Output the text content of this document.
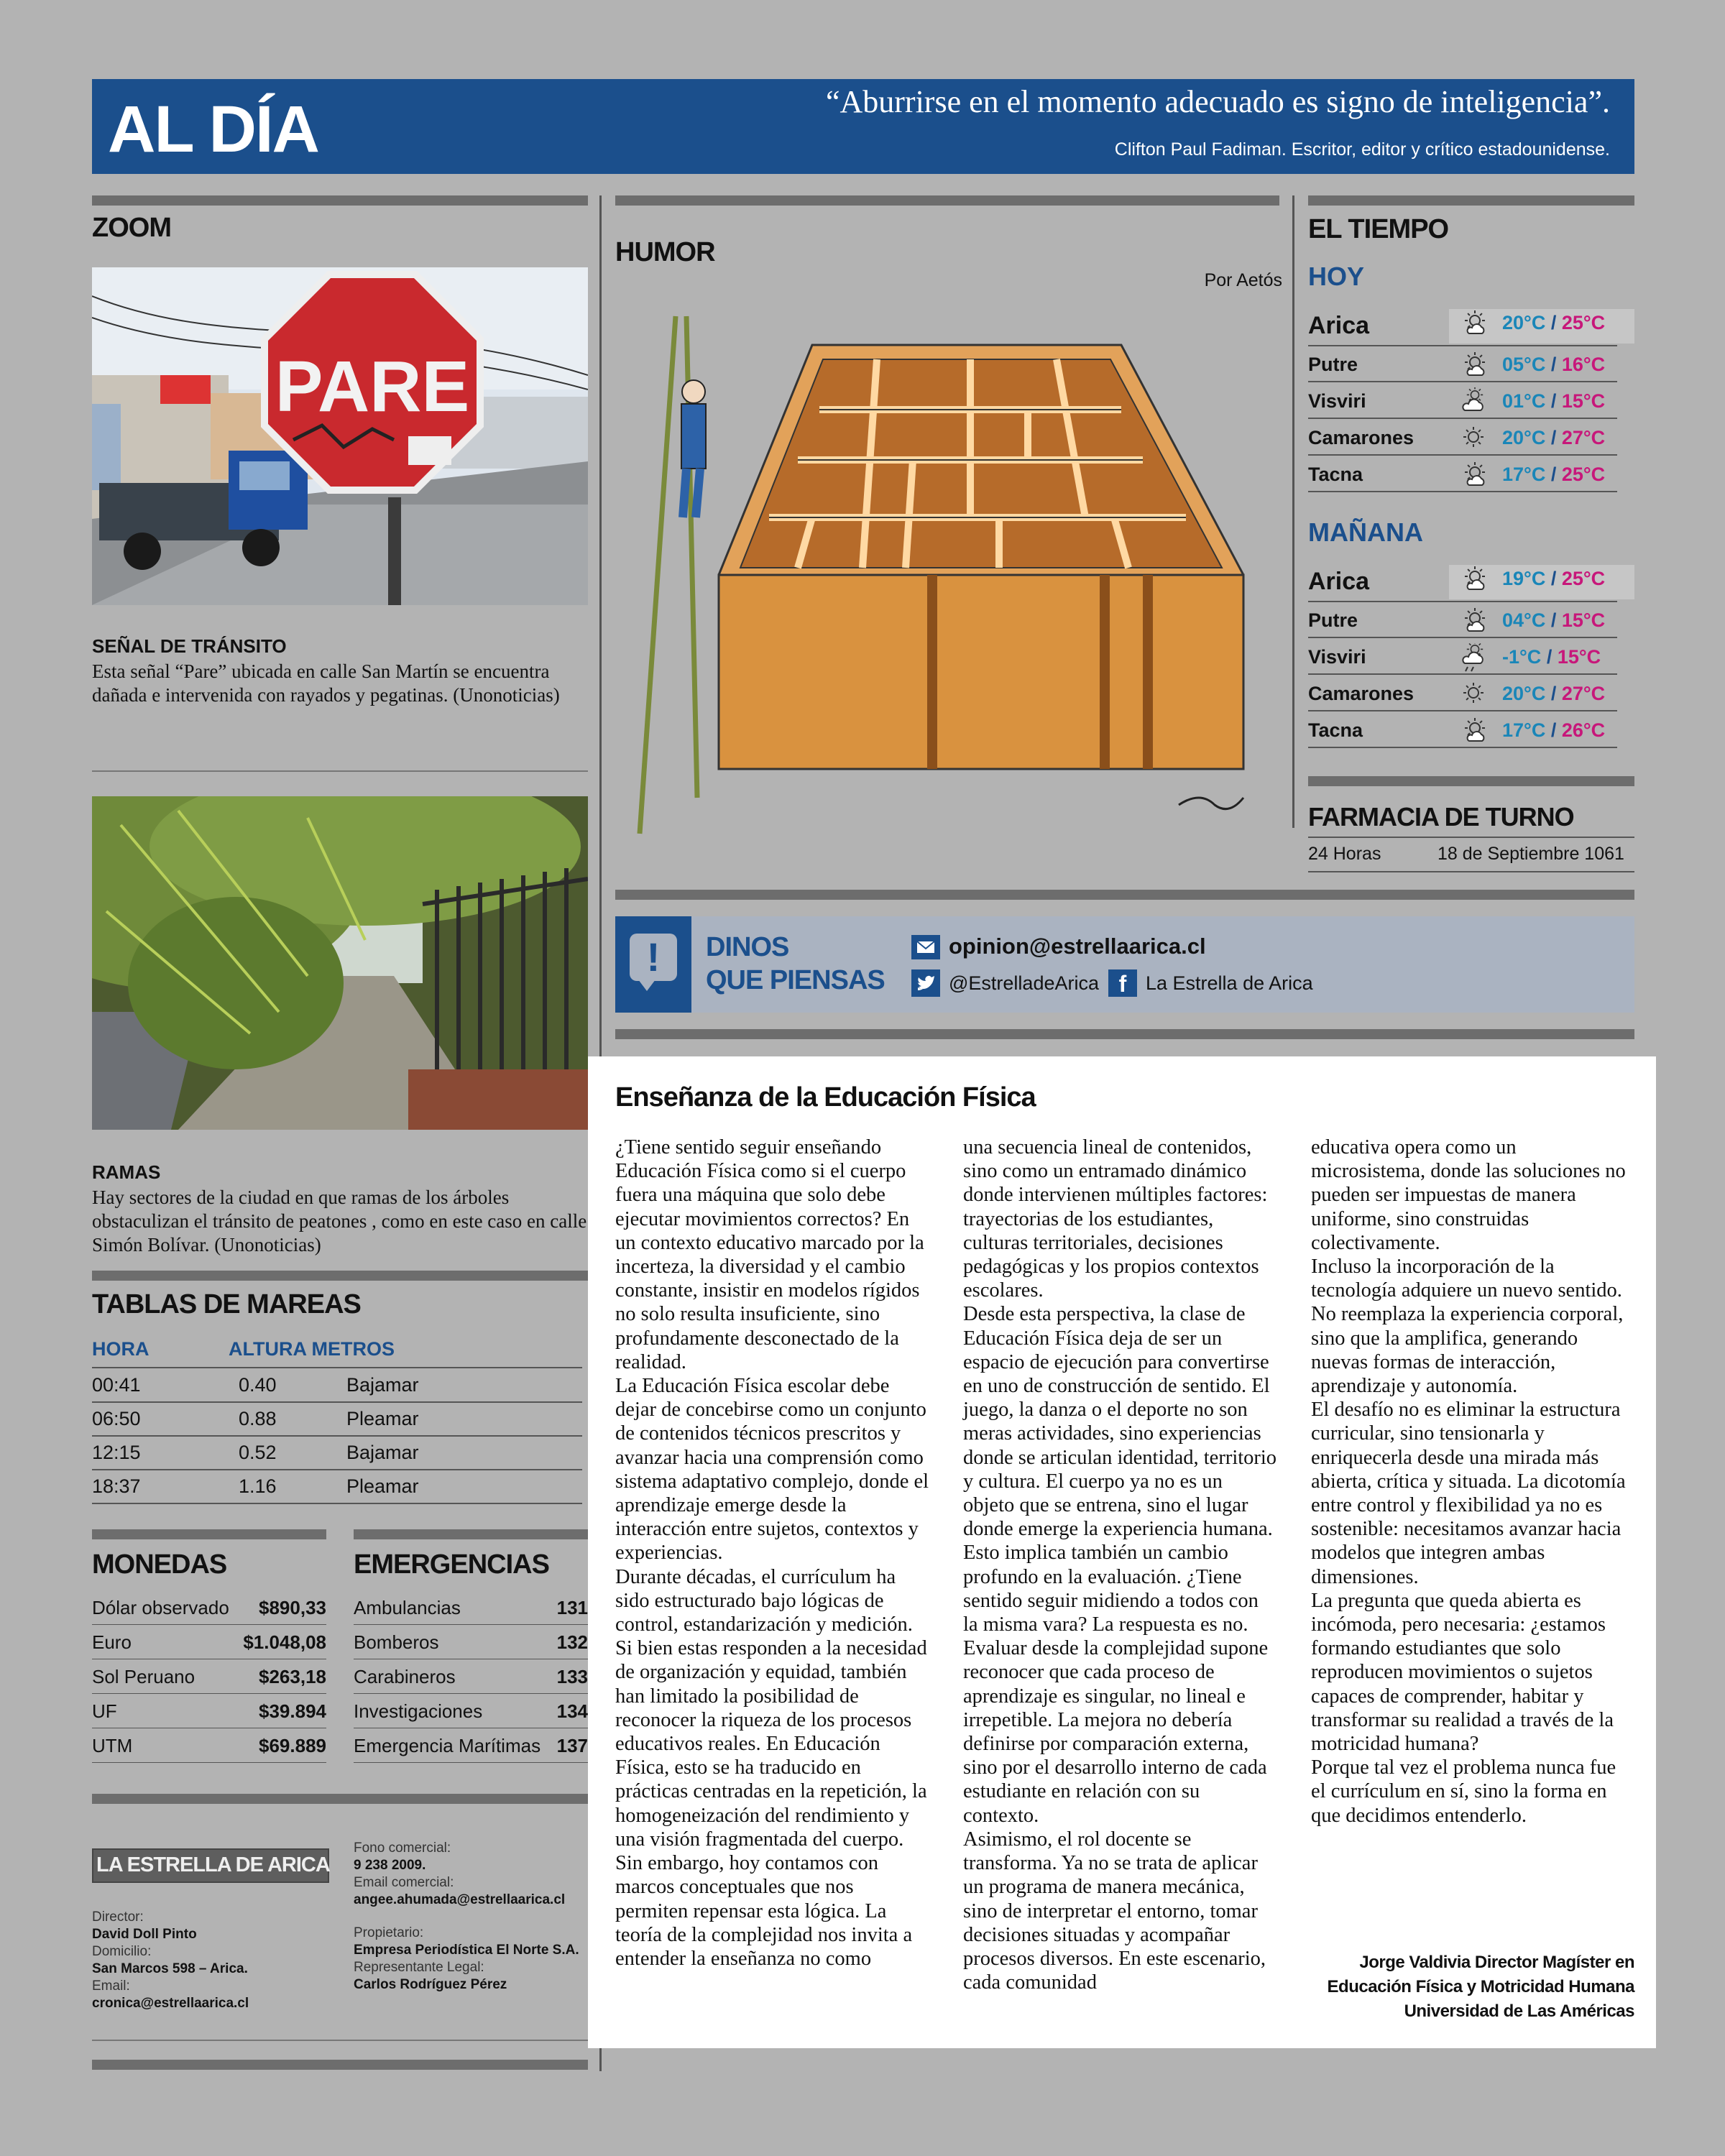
AL DÍA	“Aburrirse en el momento adecuado es signo de inteligencia”.
Clifton Paul Fadiman. Escritor, editor y crítico estadounidense.
ZOOM
PARE
SEÑAL DE TRÁNSITO
Esta señal “Pare” ubicada en calle San Martín se encuentra dañada e intervenida con rayados y pegatinas. (Unonoticias)
RAMAS
Hay sectores de la ciudad en que ramas de los árboles obstaculizan el tránsito de peatones , como en este caso en calle Simón Bolívar. (Unonoticias)
TABLAS DE MAREAS
HORA	ALTURA METROS
00:41	0.40	Bajamar
06:50	0.88	Pleamar
12:15	0.52	Bajamar
18:37	1.16	Pleamar
MONEDAS	EMERGENCIAS
Dólar observado	$890,33
Euro	$1.048,08
Sol Peruano	$263,18
UF	$39.894
UTM	$69.889
Ambulancias	131
Bomberos	132
Carabineros	133
Investigaciones	134
Emergencia Marítimas 137
LA ESTRELLA DE ARICA
Director:
David Doll Pinto
Domicilio:
San Marcos 598 – Arica.
Email:
cronica@estrellaarica.cl
Fono comercial:
9 238 2009.
Email comercial:
angee.ahumada@estrellaarica.cl
Propietario:
Empresa Periodística El Norte S.A.
Representante Legal:
Carlos Rodríguez Pérez
HUMOR
Por Aetós
EL TIEMPO
HOY
Arica	20°C / 25°C
Putre	05°C / 16°C
Visviri	01°C / 15°C
Camarones	20°C / 27°C
Tacna	17°C / 25°C
MAÑANA
Arica	19°C / 25°C
Putre	04°C / 15°C
Visviri	-1°C / 15°C
Camarones	20°C / 27°C
Tacna	17°C / 26°C
FARMACIA DE TURNO
24 Horas	18 de Septiembre 1061
!	DINOS
QUE PIENSAS
opinion@estrellaarica.cl
@EstrelladeArica f La Estrella de Arica
Enseñanza de la Educación Física

¿Tiene sentido seguir enseñando Educación Física como si el cuerpo fuera una máquina que solo debe ejecutar movimientos correctos? En un contexto educativo marcado por la incerteza, la diversidad y el cambio constante, insistir en modelos rígidos no solo resulta insuficiente, sino profundamente desconectado de la realidad.

La Educación Física escolar debe dejar de concebirse como un conjunto de contenidos técnicos prescritos y avanzar hacia una comprensión como sistema adaptativo complejo, donde el aprendizaje emerge desde la interacción entre sujetos, contextos y experiencias.

Durante décadas, el currículum ha sido estructurado bajo lógicas de control, estandarización y medición. Si bien estas responden a la necesidad de organización y equidad, también han limitado la posibilidad de reconocer la riqueza de los procesos educativos reales. En Educación Física, esto se ha traducido en prácticas centradas en la repetición, la homogeneización del rendimiento y una visión fragmentada del cuerpo.

Sin embargo, hoy contamos con marcos conceptuales que nos permiten repensar esta lógica. La teoría de la complejidad nos invita a entender la enseñanza no como

una secuencia lineal de contenidos, sino como un entramado dinámico donde intervienen múltiples factores: trayectorias de los estudiantes, culturas territoriales, decisiones pedagógicas y los propios contextos escolares.

Desde esta perspectiva, la clase de Educación Física deja de ser un espacio de ejecución para convertirse en uno de construcción de sentido. El juego, la danza o el deporte no son meras actividades, sino experiencias donde se articulan identidad, territorio y cultura. El cuerpo ya no es un objeto que se entrena, sino el lugar donde emerge la experiencia humana.

Esto implica también un cambio profundo en la evaluación. ¿Tiene sentido seguir midiendo a todos con la misma vara? La respuesta es no. Evaluar desde la complejidad supone reconocer que cada proceso de aprendizaje es singular, no lineal e irrepetible. La mejora no debería definirse por comparación externa, sino por el desarrollo interno de cada estudiante en relación con su contexto.

Asimismo, el rol docente se transforma. Ya no se trata de aplicar un programa de manera mecánica, sino de interpretar el entorno, tomar decisiones situadas y acompañar procesos diversos. En este escenario, cada comunidad

educativa opera como un microsistema, donde las soluciones no pueden ser impuestas de manera uniforme, sino construidas colectivamente.

Incluso la incorporación de la tecnología adquiere un nuevo sentido. No reemplaza la experiencia corporal, sino que la amplifica, generando nuevas formas de interacción, aprendizaje y autonomía.

El desafío no es eliminar la estructura curricular, sino tensionarla y enriquecerla desde una mirada más abierta, crítica y situada. La dicotomía entre control y flexibilidad ya no es sostenible: necesitamos avanzar hacia modelos que integren ambas dimensiones.

La pregunta que queda abierta es incómoda, pero necesaria: ¿estamos formando estudiantes que solo reproducen movimientos o sujetos capaces de comprender, habitar y transformar su realidad a través de la motricidad humana?

Porque tal vez el problema nunca fue el currículum en sí, sino la forma en que decidimos entenderlo.

Jorge Valdivia Director Magíster en Educación Física y Motricidad Humana Universidad de Las Américas
